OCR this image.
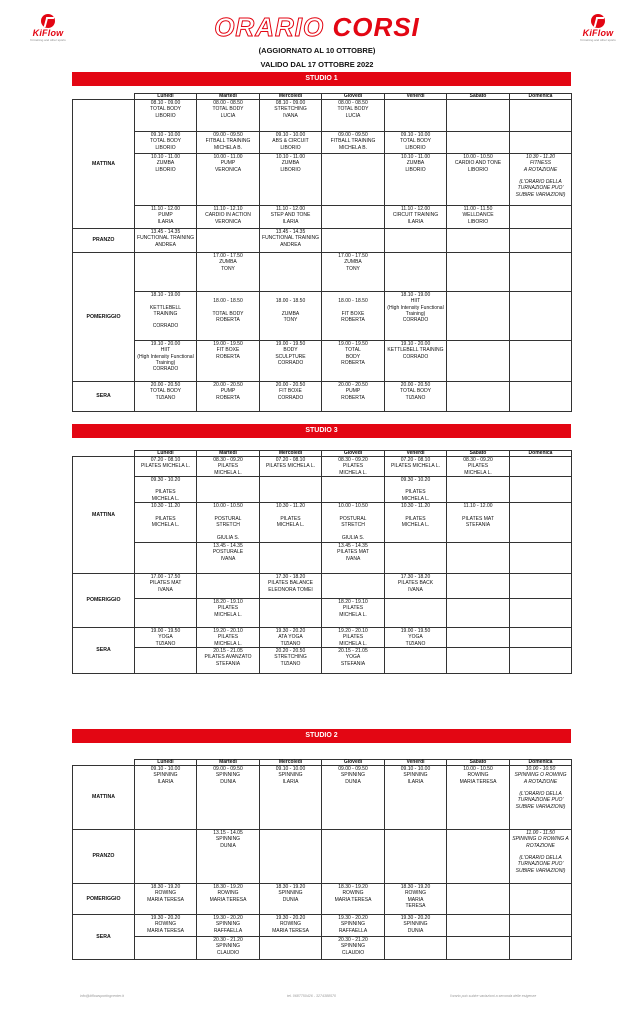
KiFlow
fit training and other sports
KiFlow
fit training and other sports
ORARIO CORSI
(AGGIORNATO AL 10 OTTOBRE)
VALIDO DAL 17 OTTOBRE 2022
STUDIO 1
	Lunedì	Martedì	Mercoledì	Giovedì	Venerdì	Sabato	Domenica
MATTINA	08.10 - 09.00
TOTAL BODY
LIBORIO	08.00 - 08.50
TOTAL BODY
LUCIA	08.10 - 09.00
STRETCHING
IVANA	08.00 - 08.50
TOTAL BODY
LUCIA			
	09.10 - 10.00
TOTAL BODY
LIBORIO	09.00 - 09.50
FITBALL TRAINING
MICHELA B.	09.10 - 10.00
ABS & CIRCUIT
LIBORIO	09.00 - 09.50
FITBALL TRAINING
MICHELA B.	09.10 - 10.00
TOTAL BODY
LIBORIO		
	10.10 - 11.00
ZUMBA
LIBORIO	10.00 - 11.00
PUMP
VERONICA	10.10 - 11.00
ZUMBA
LIBORIO		10.10 - 11.00
ZUMBA
LIBORIO	10.00 - 10.50
CARDIO AND TONE
LIBORIO	10.30 - 11.20
FITNESS
A ROTAZIONE

(L'ORARIO DELLA TURNAZIONE PUO' SUBIRE VARIAZIONI)
	11.10 - 12.00
PUMP
ILARIA	11.10 - 12.10
CARDIO IN ACTION
VERONICA	11.10 - 12.00
STEP AND TONE
ILARIA		11.10 - 12.00
CIRCUIT TRAINING
ILARIA	11.00 - 11.50
WELLDANCE
LIBORIO	
PRANZO	13.45 - 14.35
FUNCTIONAL TRAINING
ANDREA		13.45 - 14.35
FUNCTIONAL TRAINING
ANDREA				
POMERIGGIO		17.00 - 17.50
ZUMBA
TONY		17.00 - 17.50
ZUMBA
TONY			
	18.10 - 19.00

KETTLEBELL
TRAINING

CORRADO	
18.00 - 18.50

TOTAL BODY
ROBERTA	
18.00 - 18.50

ZUMBA
TONY	
18.00 - 18.50

FIT BOXE
ROBERTA	18.10 - 19.00
HIIT
(High Intensity Functional Training)
CORRADO		
	19.10 - 20.00
HIIT
(High Intensity Functional Training)
CORRADO	19.00 - 19.50
FIT BOXE
ROBERTA	19.00 - 19.50
BODY
SCULPTURE
CORRADO	19.00 - 19.50
TOTAL
BODY
ROBERTA	19.10 - 20.00
KETTLEBELL TRAINING
CORRADO		
SERA	20.00 - 20.50
TOTAL BODY
TIZIANO	20.00 - 20.50
PUMP
ROBERTA	20.00 - 20.50
FIT BOXE
CORRADO	20.00 - 20.50
PUMP
ROBERTA	20.00 - 20.50
TOTAL BODY
TIZIANO		
STUDIO 3
	Lunedì	Martedì	Mercoledì	Giovedì	Venerdì	Sabato	Domenica
MATTINA	07.20 - 08.10
PILATES MICHELA L.	08.30 - 09.20
PILATES
MICHELA L.	07.20 - 08.10
PILATES MICHELA L.	08.30 - 09.20
PILATES
MICHELA L.	07.20 - 08.10
PILATES MICHELA L.	08.30 - 09.20
PILATES
MICHELA L.	
	09.30 - 10.20

PILATES
MICHELA L.				09.30 - 10.20

PILATES
MICHELA L.		
	10.30 - 11.20

PILATES
MICHELA L.	10.00 - 10.50

POSTURAL
STRETCH

GIULIA S.	10.30 - 11.20

PILATES
MICHELA L.	10.00 - 10.50

POSTURAL
STRETCH

GIULIA S.	10.30 - 11.20

PILATES
MICHELA L.	11.10 - 12.00

PILATES MAT
STEFANIA	
		13.45 - 14.35
POSTURALE
IVANA		13.45 - 14.35
PILATES MAT
IVANA			
POMERIGGIO	17.00 - 17.50
PILATES MAT
IVANA		17.30 - 18.20
PILATES BALANCE
ELEONORA TOMEI		17.30 - 18.20
PILATES BACK
IVANA		
		18.20 - 19.10
PILATES
MICHELA L.		18.20 - 19.10
PILATES
MICHELA L.			
SERA	19.00 - 19.50
YOGA
TIZIANO	19.20 - 20.10
PILATES
MICHELA L.	19.30 - 20.20
ATA YOGA
TIZIANO	19.20 - 20.10
PILATES
MICHELA L.	19.00 - 19.50
YOGA
TIZIANO		
		20.15 - 21.05
PILATES AVANZATO
STEFANIA	20.20 - 20.50
STRETCHING
TIZIANO	20.15 - 21.05
YOGA
STEFANIA			
STUDIO 2
	Lunedì	Martedì	Mercoledì	Giovedì	Venerdì	Sabato	Domenica
MATTINA	09.10 - 10.00
SPINNING
ILARIA	09.00 - 09.50
SPINNING
DUNIA	09.10 - 10.00
SPINNING
ILARIA	09.00 - 09.50
SPINNING
DUNIA	09.10 - 10.00
SPINNING
ILARIA	10.00 - 10.50
ROWING
MARIA TERESA	10.00 - 10.50
SPINNING O ROWING
A ROTAZIONE

(L'ORARIO DELLA TURNAZIONE PUO' SUBIRE VARIAZIONI)
PRANZO		13.15 - 14.05
SPINNING
DUNIA					11.00 - 11.50
SPINNING O ROWING A ROTAZIONE

(L'ORARIO DELLA TURNAZIONE PUO' SUBIRE VARIAZIONI)
POMERIGGIO	18.30 - 19.20
ROWING
MARIA TERESA	18.30 - 19.20
ROWING
MARIA TERESA	18.30 - 19.20
SPINNING
DUNIA	18.30 - 19.20
ROWING
MARIA TERESA	18.30 - 19.20
ROWING
MARIA
TERESA		
SERA	19.30 - 20.20
ROWING
MARIA TERESA	19.30 - 20.20
SPINNING
RAFFAELLA	19.30 - 20.20
ROWING
MARIA TERESA	19.30 - 20.20
SPINNING
RAFFAELLA	19.30 - 20.20
SPINNING
DUNIA		
		20.30 - 21.20
SPINNING
CLAUDIO		20.30 - 21.20
SPINNING
CLAUDIO			
info@kiflowsportingcenter.it	tel. 0687750426 - 3274388570	l'orario può subire variazioni a seconda delle esigenze
